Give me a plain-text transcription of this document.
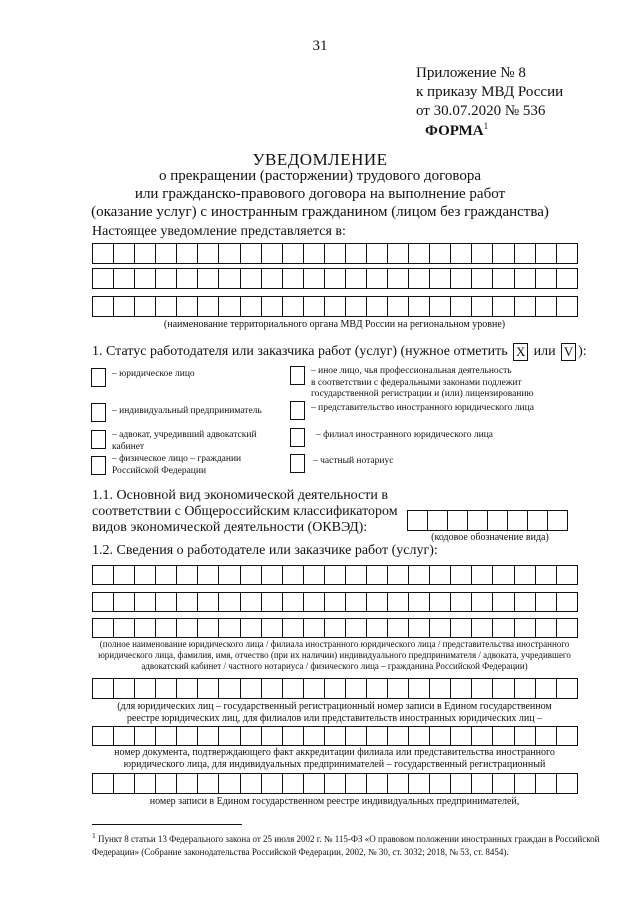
31
Приложение № 8
к приказу МВД России
от 30.07.2020 № 536
ФОРМА$^1$
УВЕДОМЛЕНИЕ
о прекращении (расторжении) трудового договора
или гражданско-правового договора на выполнение работ
(оказание услуг) с иностранным гражданином (лицом без гражданства)
Настоящее уведомление представляется в:
(наименование территориального органа МВД России на региональном уровне)
1. Статус работодателя или заказчика работ (услуг) (нужное отметить X или V ):
– юридическое лицо
– индивидуальный предприниматель
– адвокат, учредивший адвокатский
кабинет
– физическое лицо – граждании
Российской Федерации
– иное лицо, чья профессиональная деятельность
в соответствии с федеральными законами подлежит
государственной регистрации и (или) лицензированию
– представительство иностранного юридического лица
– филиал иностранного юридического лица
– частный нотариус
1.1. Основной вид экономической деятельности в
соответствии с Общероссийским классификатором
видов экономической деятельности (ОКВЭД):
(кодовое обозначение вида)
1.2. Сведения о работодателе или заказчике работ (услуг):
(полное наименование юридического лица / филиала иностранного юридического лица / представительства иностранного
юридического лица, фамилия, имя, отчество (при их наличии) индивидуального предпринимателя / адвоката, учредившего
адвокатский кабинет / частного нотариуса / физического лица – гражданина Российской Федерации)
(для юридических лиц – государственный регистрационный номер записи в Едином государственном
реестре юридических лиц, для филиалов или представительств иностранных юридических лиц –
номер документа, подтверждающего факт аккредитации филиала или представительства иностранного
юридического лица, для индивидуальных предпринимателей – государственный регистрационный
номер записи в Едином государственном реестре индивидуальных предпринимателей,
$^1$ Пункт 8 статьи 13 Федерального закона от 25 июля 2002 г. № 115-ФЗ «О правовом положении иностранных граждан в Российской
Федерации» (Собрание законодательства Российской Федерации, 2002, № 30, ст. 3032; 2018, № 53, ст. 8454).
